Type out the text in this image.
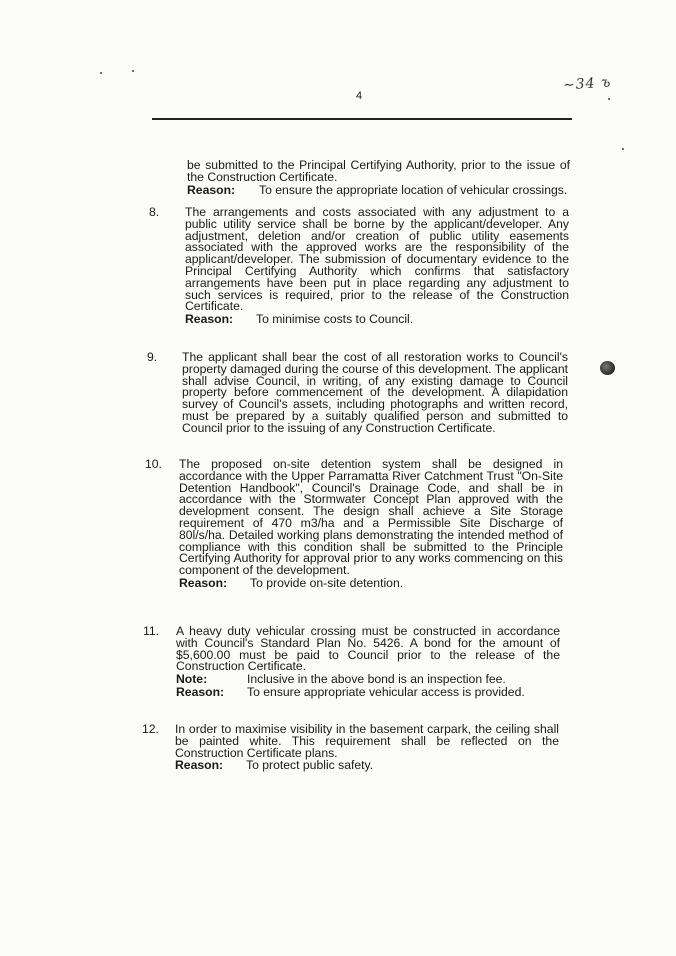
~34 ъ
4

be submitted to the Principal Certifying Authority, prior to the issue of the Construction Certificate.

Reason:	To ensure the appropriate location of vehicular crossings.
8. The arrangements and costs associated with any adjustment to a public utility service shall be borne by the applicant/developer. Any adjustment, deletion and/or creation of public utility easements associated with the approved works are the responsibility of the applicant/developer. The submission of documentary evidence to the Principal Certifying Authority which confirms that satisfactory arrangements have been put in place regarding any adjustment to such services is required, prior to the release of the Construction Certificate.

Reason:	To minimise costs to Council.
9. The applicant shall bear the cost of all restoration works to Council's property damaged during the course of this development. The applicant shall advise Council, in writing, of any existing damage to Council property before commencement of the development. A dilapidation survey of Council's assets, including photographs and written record, must be prepared by a suitably qualified person and submitted to Council prior to the issuing of any Construction Certificate.

10. The proposed on-site detention system shall be designed in accordance with the Upper Parramatta River Catchment Trust "On-Site Detention Handbook", Council's Drainage Code, and shall be in accordance with the Stormwater Concept Plan approved with the development consent. The design shall achieve a Site Storage requirement of 470 m3/ha and a Permissible Site Discharge of 80l/s/ha. Detailed working plans demonstrating the intended method of compliance with this condition shall be submitted to the Principle Certifying Authority for approval prior to any works commencing on this component of the development.

Reason:	To provide on-site detention.
11. A heavy duty vehicular crossing must be constructed in accordance with Council's Standard Plan No. 5426. A bond for the amount of $5,600.00 must be paid to Council prior to the release of the Construction Certificate.

Note:	Inclusive in the above bond is an inspection fee.
Reason:	To ensure appropriate vehicular access is provided.
12. In order to maximise visibility in the basement carpark, the ceiling shall be painted white. This requirement shall be reflected on the Construction Certificate plans.

Reason:	To protect public safety.
